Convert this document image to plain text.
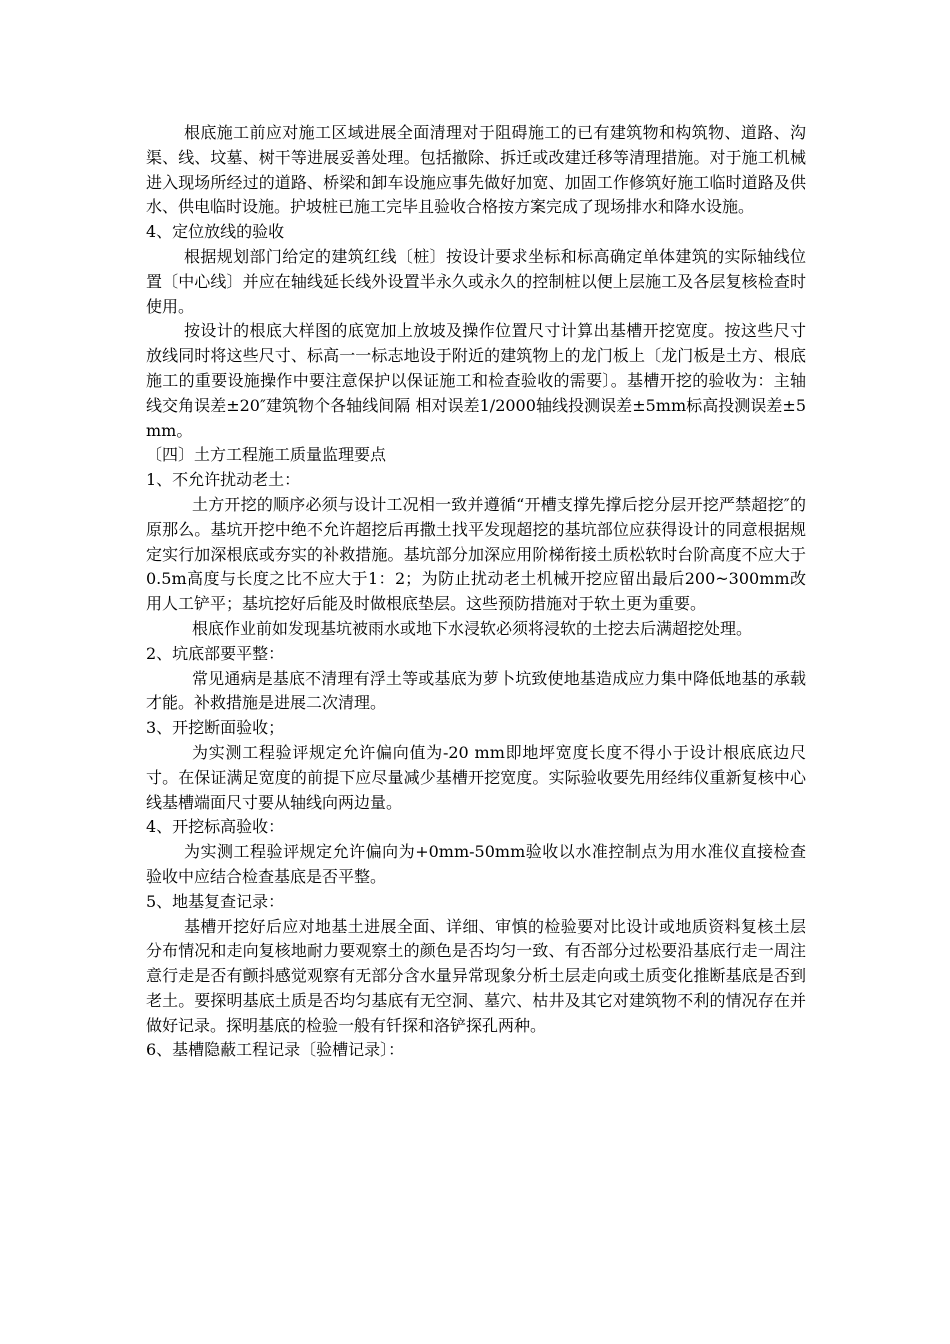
根底施工前应对施工区域进展全面清理对于阻碍施工的已有建筑物和构筑物、道路、沟渠、线、坟墓、树干等进展妥善处理。包括撤除、拆迁或改建迁移等清理措施。对于施工机械进入现场所经过的道路、桥梁和卸车设施应事先做好加宽、加固工作修筑好施工临时道路及供水、供电临时设施。护坡桩已施工完毕且验收合格按方案完成了现场排水和降水设施。

4、定位放线的验收

根据规划部门给定的建筑红线〔桩〕按设计要求坐标和标高确定单体建筑的实际轴线位置〔中心线〕并应在轴线延长线外设置半永久或永久的控制桩以便上层施工及各层复核检查时使用。

按设计的根底大样图的底宽加上放坡及操作位置尺寸计算出基槽开挖宽度。按这些尺寸放线同时将这些尺寸、标高一一标志地设于附近的建筑物上的龙门板上〔龙门板是土方、根底施工的重要设施操作中要注意保护以保证施工和检查验收的需要〕。基槽开挖的验收为：主轴线交角误差±20″建筑物个各轴线间隔 相对误差1/2000轴线投测误差±5mm标高投测误差±5mm。

〔四〕土方工程施工质量监理要点

1、不允许扰动老土：

土方开挖的顺序必须与设计工况相一致并遵循“开槽支撑先撑后挖分层开挖严禁超挖″的原那么。基坑开挖中绝不允许超挖后再撒土找平发现超挖的基坑部位应获得设计的同意根据规定实行加深根底或夯实的补救措施。基坑部分加深应用阶梯衔接土质松软时台阶高度不应大于0.5m高度与长度之比不应大于1：2；为防止扰动老土机械开挖应留出最后200~300mm改用人工铲平；基坑挖好后能及时做根底垫层。这些预防措施对于软土更为重要。

根底作业前如发现基坑被雨水或地下水浸软必须将浸软的土挖去后满超挖处理。

2、坑底部要平整：

常见通病是基底不清理有浮土等或基底为萝卜坑致使地基造成应力集中降低地基的承载才能。补救措施是进展二次清理。

3、开挖断面验收；

为实测工程验评规定允许偏向值为-20 mm即地坪宽度长度不得小于设计根底底边尺寸。在保证满足宽度的前提下应尽量减少基槽开挖宽度。实际验收要先用经纬仪重新复核中心线基槽端面尺寸要从轴线向两边量。

4、开挖标高验收：

为实测工程验评规定允许偏向为+0mm-50mm验收以水准控制点为用水准仪直接检查验收中应结合检查基底是否平整。

5、地基复查记录：

基槽开挖好后应对地基土进展全面、详细、审慎的检验要对比设计或地质资料复核土层分布情况和走向复核地耐力要观察土的颜色是否均匀一致、有否部分过松要沿基底行走一周注意行走是否有颤抖感觉观察有无部分含水量异常现象分析土层走向或土质变化推断基底是否到老土。要探明基底土质是否均匀基底有无空洞、墓穴、枯井及其它对建筑物不利的情况存在并做好记录。探明基底的检验一般有钎探和洛铲探孔两种。

6、基槽隐蔽工程记录〔验槽记录〕：
